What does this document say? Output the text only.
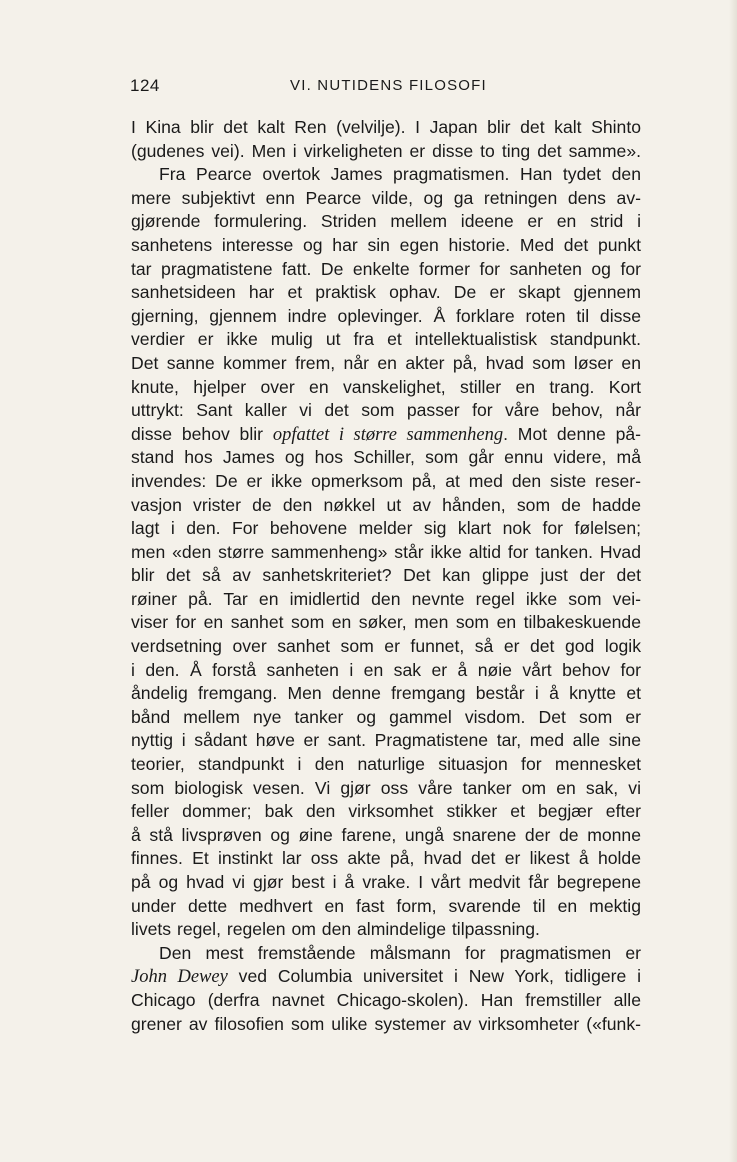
124	VI. NUTIDENS FILOSOFI
I Kina blir det kalt Ren (velvilje). I Japan blir det kalt Shinto
(gudenes vei). Men i virkeligheten er disse to ting det samme».
Fra Pearce overtok James pragmatismen. Han tydet den
mere subjektivt enn Pearce vilde, og ga retningen dens av-
gjørende formulering. Striden mellem ideene er en strid i
sanhetens interesse og har sin egen historie. Med det punkt
tar pragmatistene fatt. De enkelte former for sanheten og for
sanhetsideen har et praktisk ophav. De er skapt gjennem
gjerning, gjennem indre oplevinger. Å forklare roten til disse
verdier er ikke mulig ut fra et intellektualistisk standpunkt.
Det sanne kommer frem, når en akter på, hvad som løser en
knute, hjelper over en vanskelighet, stiller en trang. Kort
uttrykt: Sant kaller vi det som passer for våre behov, når
disse behov blir opfattet i større sammenheng. Mot denne på-
stand hos James og hos Schiller, som går ennu videre, må
invendes: De er ikke opmerksom på, at med den siste reser-
vasjon vrister de den nøkkel ut av hånden, som de hadde
lagt i den. For behovene melder sig klart nok for følelsen;
men «den større sammenheng» står ikke altid for tanken. Hvad
blir det så av sanhetskriteriet? Det kan glippe just der det
røiner på. Tar en imidlertid den nevnte regel ikke som vei-
viser for en sanhet som en søker, men som en tilbakeskuende
verdsetning over sanhet som er funnet, så er det god logik
i den. Å forstå sanheten i en sak er å nøie vårt behov for
åndelig fremgang. Men denne fremgang består i å knytte et
bånd mellem nye tanker og gammel visdom. Det som er
nyttig i sådant høve er sant. Pragmatistene tar, med alle sine
teorier, standpunkt i den naturlige situasjon for mennesket
som biologisk vesen. Vi gjør oss våre tanker om en sak, vi
feller dommer; bak den virksomhet stikker et begjær efter
å stå livsprøven og øine farene, ungå snarene der de monne
finnes. Et instinkt lar oss akte på, hvad det er likest å holde
på og hvad vi gjør best i å vrake. I vårt medvit får begrepene
under dette medhvert en fast form, svarende til en mektig
livets regel, regelen om den almindelige tilpassning.
Den mest fremstående målsmann for pragmatismen er
John Dewey ved Columbia universitet i New York, tidligere i
Chicago (derfra navnet Chicago-skolen). Han fremstiller alle
grener av filosofien som ulike systemer av virksomheter («funk-
